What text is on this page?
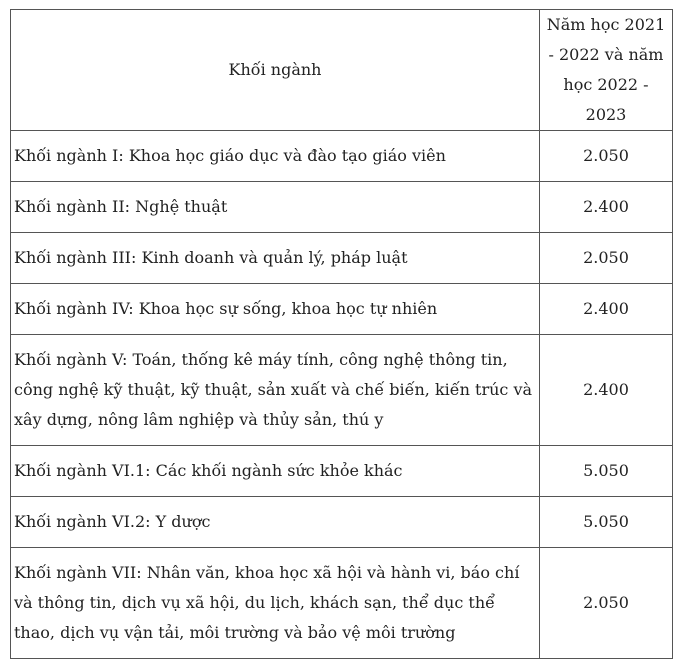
Khối ngành	Năm học 2021 - 2022 và năm học 2022 - 2023
Khối ngành I: Khoa học giáo dục và đào tạo giáo viên	2.050
Khối ngành II: Nghệ thuật	2.400
Khối ngành III: Kinh doanh và quản lý, pháp luật	2.050
Khối ngành IV: Khoa học sự sống, khoa học tự nhiên	2.400
Khối ngành V: Toán, thống kê máy tính, công nghệ thông tin, công nghệ kỹ thuật, kỹ thuật, sản xuất và chế biến, kiến trúc và xây dựng, nông lâm nghiệp và thủy sản, thú y	2.400
Khối ngành VI.1: Các khối ngành sức khỏe khác	5.050
Khối ngành VI.2: Y dược	5.050
Khối ngành VII: Nhân văn, khoa học xã hội và hành vi, báo chí và thông tin, dịch vụ xã hội, du lịch, khách sạn, thể dục thể thao, dịch vụ vận tải, môi trường và bảo vệ môi trường	2.050
